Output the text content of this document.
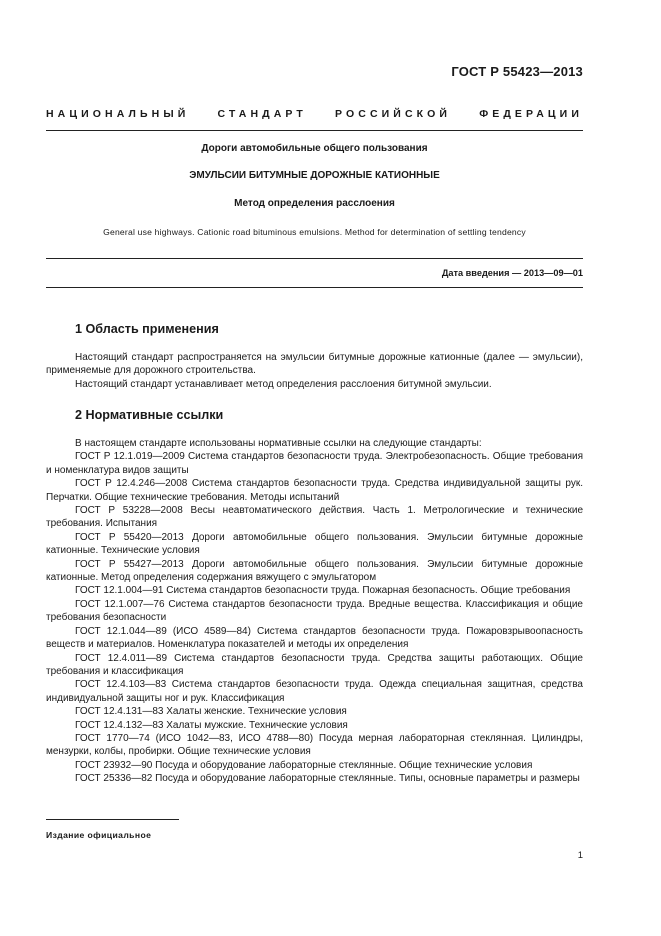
ГОСТ Р 55423—2013
НАЦИОНАЛЬНЫЙ	СТАНДАРТ	РОССИЙСКОЙ	ФЕДЕРАЦИИ
Дороги автомобильные общего пользования
ЭМУЛЬСИИ БИТУМНЫЕ ДОРОЖНЫЕ КАТИОННЫЕ
Метод определения расслоения
General use highways. Cationic road bituminous emulsions. Method for determination of settling tendency
Дата введения — 2013—09—01
1 Область применения

Настоящий стандарт распространяется на эмульсии битумные дорожные катионные (далее — эмульсии), применяемые для дорожного строительства.

Настоящий стандарт устанавливает метод определения расслоения битумной эмульсии.

2 Нормативные ссылки

В настоящем стандарте использованы нормативные ссылки на следующие стандарты:

ГОСТ Р 12.1.019—2009 Система стандартов безопасности труда. Электробезопасность. Общие требования и номенклатура видов защиты

ГОСТ Р 12.4.246—2008 Система стандартов безопасности труда. Средства индивидуальной защиты рук. Перчатки. Общие технические требования. Методы испытаний

ГОСТ Р 53228—2008 Весы неавтоматического действия. Часть 1. Метрологические и технические требования. Испытания

ГОСТ Р 55420—2013 Дороги автомобильные общего пользования. Эмульсии битумные дорожные катионные. Технические условия

ГОСТ Р 55427—2013 Дороги автомобильные общего пользования. Эмульсии битумные дорожные катионные. Метод определения содержания вяжущего с эмульгатором

ГОСТ 12.1.004—91 Система стандартов безопасности труда. Пожарная безопасность. Общие требования

ГОСТ 12.1.007—76 Система стандартов безопасности труда. Вредные вещества. Классификация и общие требования безопасности

ГОСТ 12.1.044—89 (ИСО 4589—84) Система стандартов безопасности труда. Пожаровзрывоопасность веществ и материалов. Номенклатура показателей и методы их определения

ГОСТ 12.4.011—89 Система стандартов безопасности труда. Средства защиты работающих. Общие требования и классификация

ГОСТ 12.4.103—83 Система стандартов безопасности труда. Одежда специальная защитная, средства индивидуальной защиты ног и рук. Классификация

ГОСТ 12.4.131—83 Халаты женские. Технические условия

ГОСТ 12.4.132—83 Халаты мужские. Технические условия

ГОСТ 1770—74 (ИСО 1042—83, ИСО 4788—80) Посуда мерная лабораторная стеклянная. Цилиндры, мензурки, колбы, пробирки. Общие технические условия

ГОСТ 23932—90 Посуда и оборудование лабораторные стеклянные. Общие технические условия

ГОСТ 25336—82 Посуда и оборудование лабораторные стеклянные. Типы, основные параметры и размеры

Издание официальное
1
